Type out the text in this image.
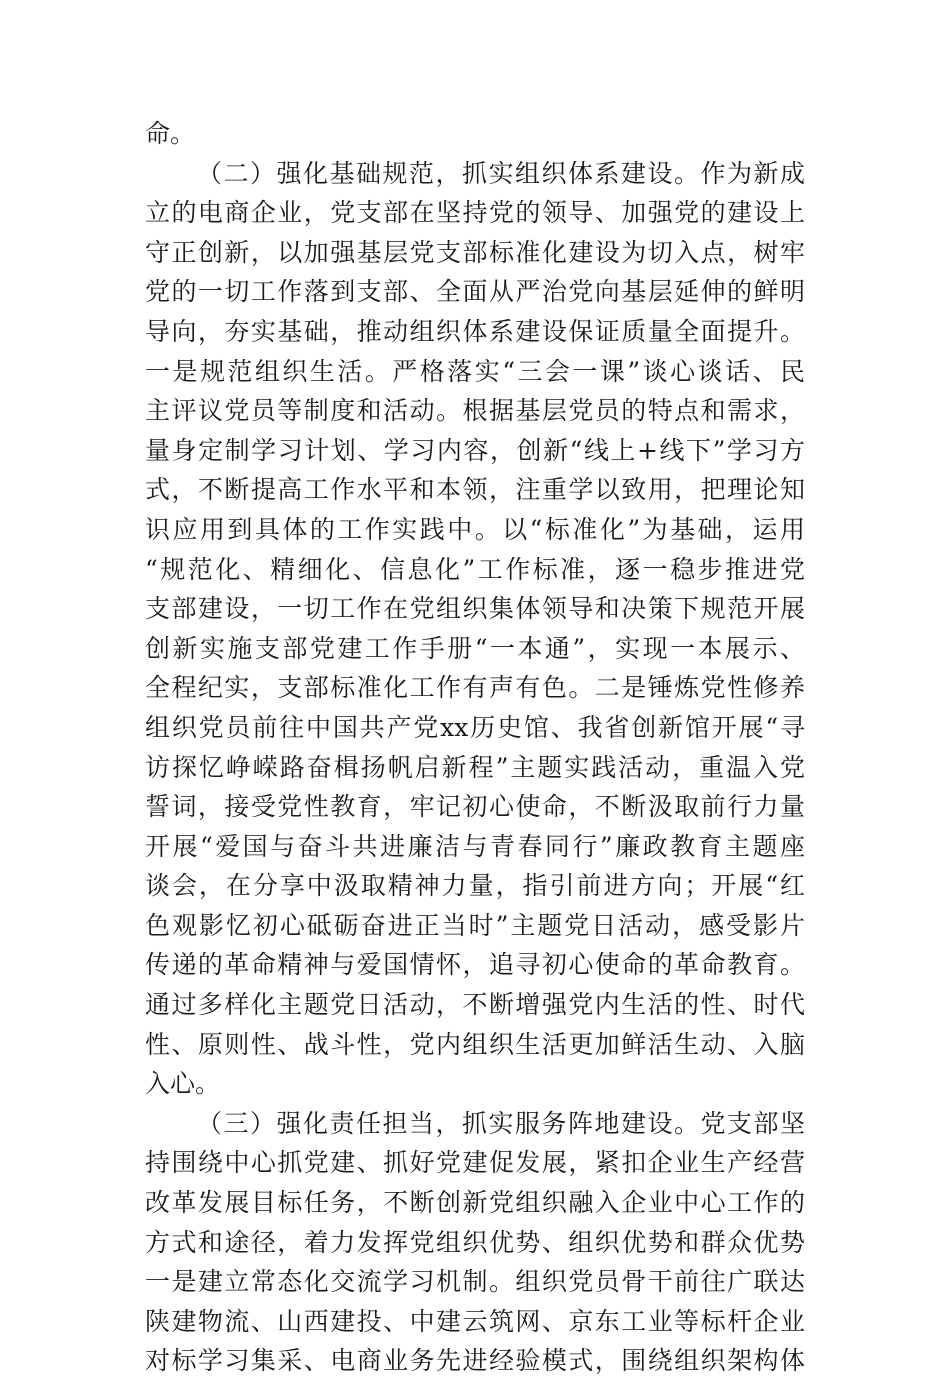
命。
（二）强化基础规范，抓实组织体系建设。作为新成
立的电商企业，党支部在坚持党的领导、加强党的建设上
守正创新，以加强基层党支部标准化建设为切入点，树牢
党的一切工作落到支部、全面从严治党向基层延伸的鲜明
导向，夯实基础，推动组织体系建设保证质量全面提升。
一是规范组织生活。严格落实“三会一课”谈心谈话、民
主评议党员等制度和活动。根据基层党员的特点和需求，
量身定制学习计划、学习内容，创新“线上+线下”学习方
式，不断提高工作水平和本领，注重学以致用，把理论知
识应用到具体的工作实践中。以“标准化”为基础，运用
“规范化、精细化、信息化”工作标准，逐一稳步推进党
支部建设，一切工作在党组织集体领导和决策下规范开展
创新实施支部党建工作手册“一本通”，实现一本展示、
全程纪实，支部标准化工作有声有色。二是锤炼党性修养
组织党员前往中国共产党xx历史馆、我省创新馆开展“寻
访探忆峥嵘路奋楫扬帆启新程”主题实践活动，重温入党
誓词，接受党性教育，牢记初心使命，不断汲取前行力量
开展“爱国与奋斗共进廉洁与青春同行”廉政教育主题座
谈会，在分享中汲取精神力量，指引前进方向；开展“红
色观影忆初心砥砺奋进正当时”主题党日活动，感受影片
传递的革命精神与爱国情怀，追寻初心使命的革命教育。
通过多样化主题党日活动，不断增强党内生活的性、时代
性、原则性、战斗性，党内组织生活更加鲜活生动、入脑
入心。
（三）强化责任担当，抓实服务阵地建设。党支部坚
持围绕中心抓党建、抓好党建促发展，紧扣企业生产经营
改革发展目标任务，不断创新党组织融入企业中心工作的
方式和途径，着力发挥党组织优势、组织优势和群众优势
一是建立常态化交流学习机制。组织党员骨干前往广联达
陕建物流、山西建投、中建云筑网、京东工业等标杆企业
对标学习集采、电商业务先进经验模式，围绕组织架构体
